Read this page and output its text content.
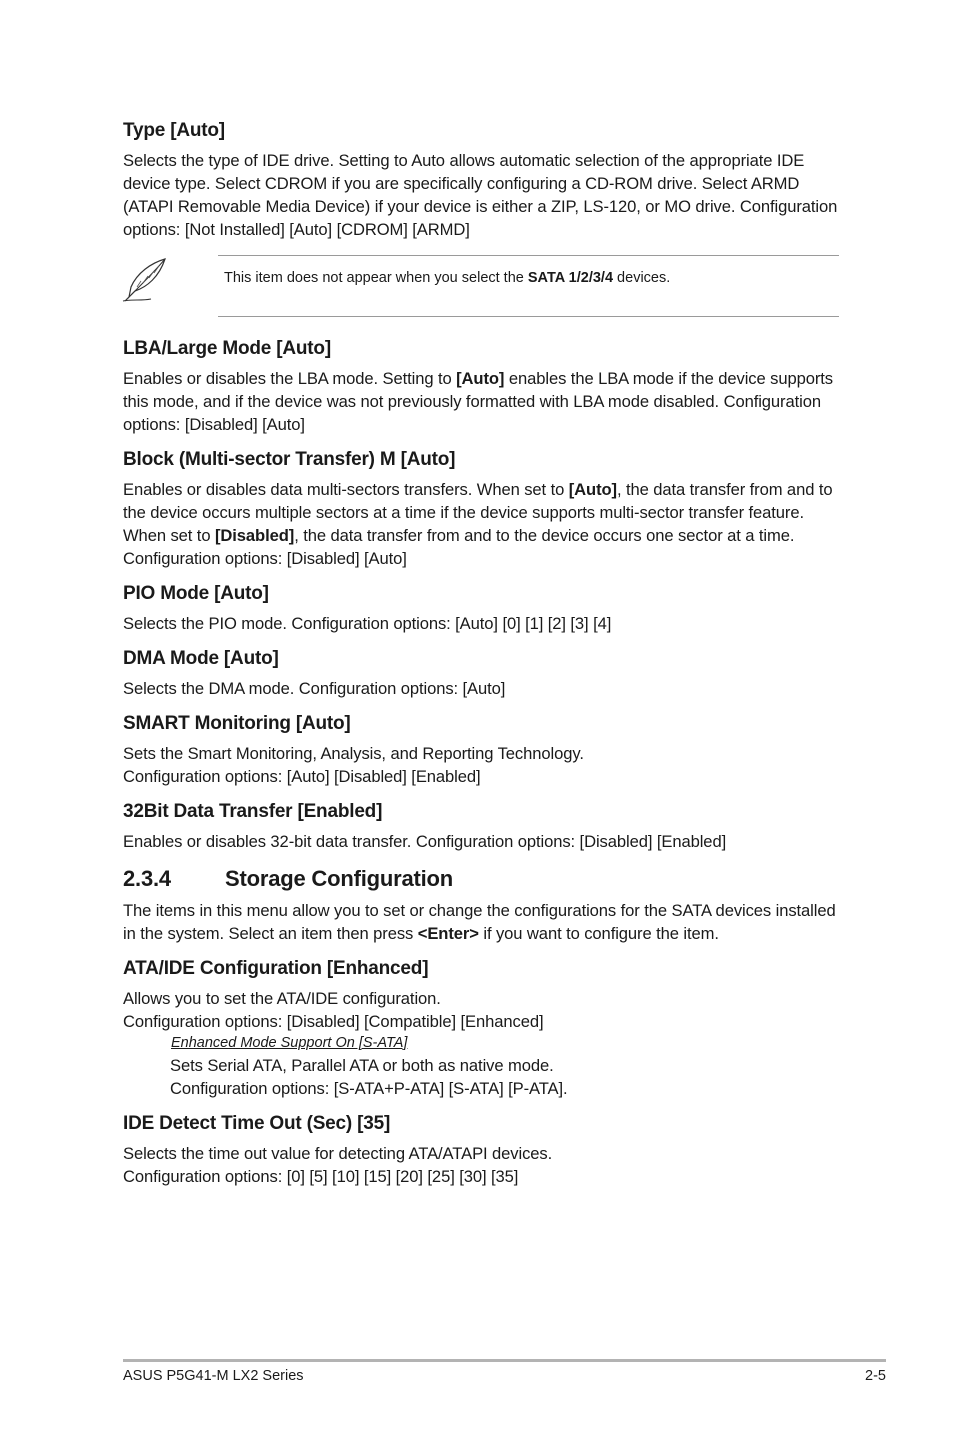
Type [Auto]

Selects the type of IDE drive. Setting to Auto allows automatic selection of the appropriate IDE device type. Select CDROM if you are specifically configuring a CD-ROM drive. Select ARMD (ATAPI Removable Media Device) if your device is either a ZIP, LS-120, or MO drive. Configuration options: [Not Installed] [Auto] [CDROM] [ARMD]

This item does not appear when you select the SATA 1/2/3/4 devices.
LBA/Large Mode [Auto]

Enables or disables the LBA mode. Setting to [Auto] enables the LBA mode if the device supports this mode, and if the device was not previously formatted with LBA mode disabled. Configuration options: [Disabled] [Auto]

Block (Multi-sector Transfer) M [Auto]

Enables or disables data multi-sectors transfers. When set to [Auto], the data transfer from and to the device occurs multiple sectors at a time if the device supports multi-sector transfer feature. When set to [Disabled], the data transfer from and to the device occurs one sector at a time. Configuration options: [Disabled] [Auto]

PIO Mode [Auto]

Selects the PIO mode. Configuration options: [Auto] [0] [1] [2] [3] [4]

DMA Mode [Auto]

Selects the DMA mode. Configuration options: [Auto]

SMART Monitoring [Auto]

Sets the Smart Monitoring, Analysis, and Reporting Technology.
Configuration options: [Auto] [Disabled] [Enabled]

32Bit Data Transfer [Enabled]

Enables or disables 32-bit data transfer. Configuration options: [Disabled] [Enabled]

2.3.4 Storage Configuration

The items in this menu allow you to set or change the configurations for the SATA devices installed in the system. Select an item then press <Enter> if you want to configure the item.

ATA/IDE Configuration [Enhanced]

Allows you to set the ATA/IDE configuration.
Configuration options: [Disabled] [Compatible] [Enhanced]

Enhanced Mode Support On [S-ATA]

Sets Serial ATA, Parallel ATA or both as native mode.
Configuration options: [S-ATA+P-ATA] [S-ATA] [P-ATA].

IDE Detect Time Out (Sec) [35]

Selects the time out value for detecting ATA/ATAPI devices.
Configuration options: [0] [5] [10] [15] [20] [25] [30] [35]

ASUS P5G41-M LX2 Series	2-5
